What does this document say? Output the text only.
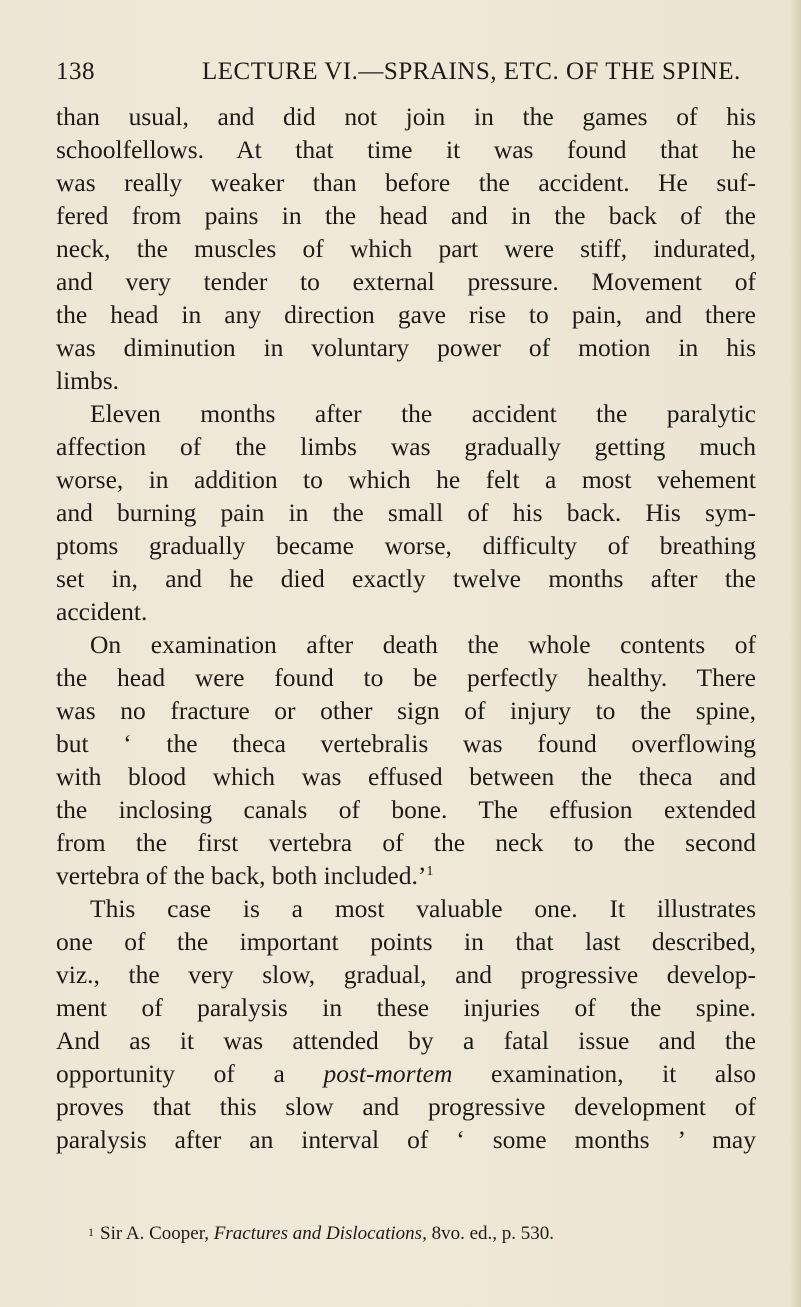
138	LECTURE VI.—SPRAINS, ETC. OF THE SPINE.
than usual, and did not join in the games of his
schoolfellows. At that time it was found that he
was really weaker than before the accident. He suf-
fered from pains in the head and in the back of the
neck, the muscles of which part were stiff, indurated,
and very tender to external pressure. Movement of
the head in any direction gave rise to pain, and there
was diminution in voluntary power of motion in his
limbs.
Eleven months after the accident the paralytic
affection of the limbs was gradually getting much
worse, in addition to which he felt a most vehement
and burning pain in the small of his back. His sym-
ptoms gradually became worse, difficulty of breathing
set in, and he died exactly twelve months after the
accident.
On examination after death the whole contents of
the head were found to be perfectly healthy. There
was no fracture or other sign of injury to the spine,
but ‘ the theca vertebralis was found overflowing
with blood which was effused between the theca and
the inclosing canals of bone. The effusion extended
from the first vertebra of the neck to the second
vertebra of the back, both included.’$^1$
This case is a most valuable one. It illustrates
one of the important points in that last described,
viz., the very slow, gradual, and progressive develop-
ment of paralysis in these injuries of the spine.
And as it was attended by a fatal issue and the
opportunity of a post-mortem examination, it also
proves that this slow and progressive development of
paralysis after an interval of ‘ some months ’ may
$^1$ Sir A. Cooper, Fractures and Dislocations, 8vo. ed., p. 530.
